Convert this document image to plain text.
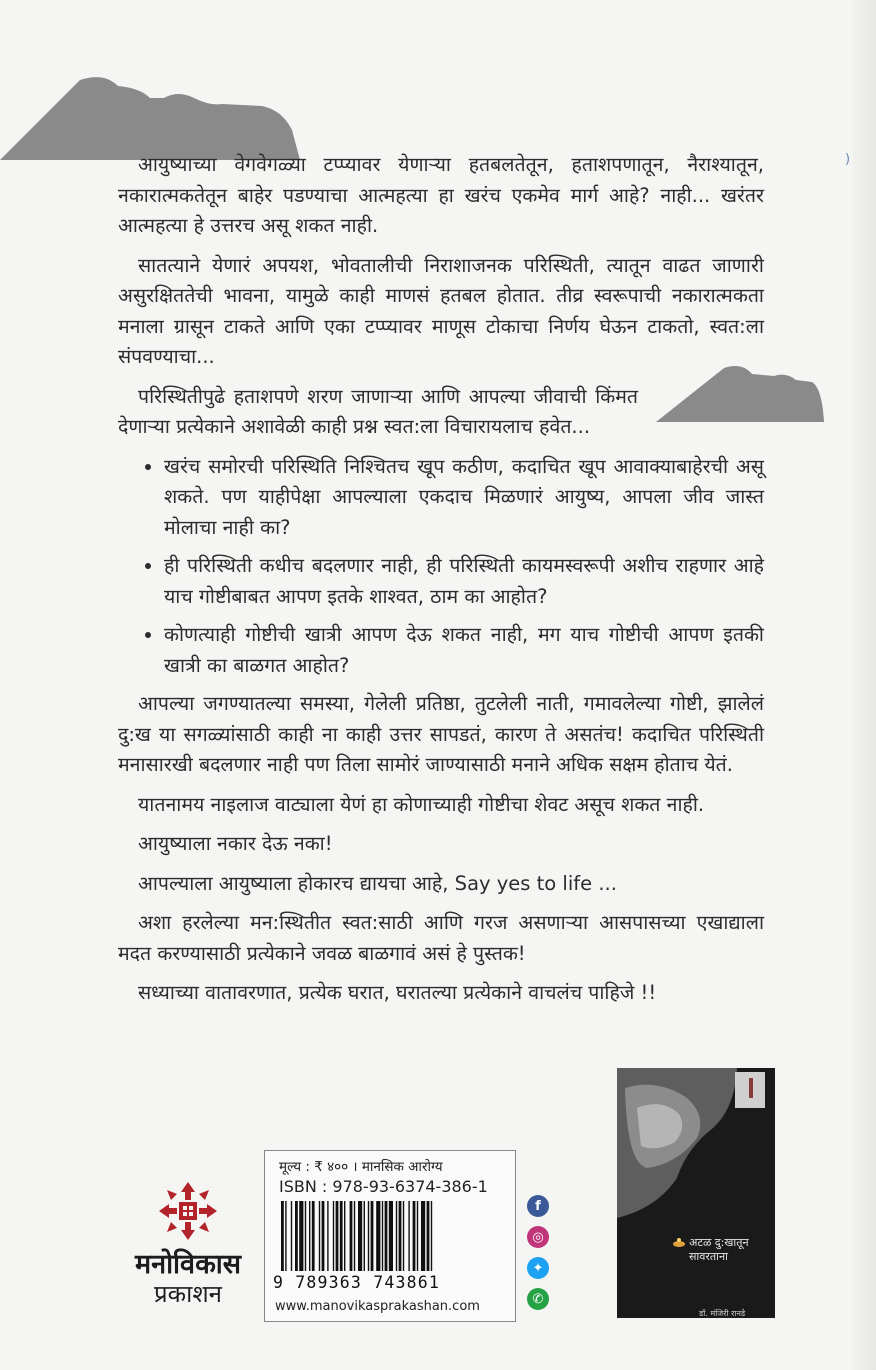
)

आयुष्याच्या वेगवेगळ्या टप्प्यावर येणाऱ्या हतबलतेतून, हताशपणातून, नैराश्यातून, नकारात्मकतेतून बाहेर पडण्याचा आत्महत्या हा खरंच एकमेव मार्ग आहे? नाही... खरंतर आत्महत्या हे उत्तरच असू शकत नाही.

सातत्याने येणारं अपयश, भोवतालीची निराशाजनक परिस्थिती, त्यातून वाढत जाणारी असुरक्षिततेची भावना, यामुळे काही माणसं हतबल होतात. तीव्र स्वरूपाची नकारात्मकता मनाला ग्रासून टाकते आणि एका टप्प्यावर माणूस टोकाचा निर्णय घेऊन टाकतो, स्वत:ला संपवण्याचा...

परिस्थितीपुढे हताशपणे शरण जाणाऱ्या आणि आपल्या जीवाची किंमत देणाऱ्या प्रत्येकाने अशावेळी काही प्रश्न स्वत:ला विचारायलाच हवेत...

• खरंच समोरची परिस्थिति निश्चितच खूप कठीण, कदाचित खूप आवाक्याबाहेरची असू शकते. पण याहीपेक्षा आपल्याला एकदाच मिळणारं आयुष्य, आपला जीव जास्त मोलाचा नाही का?
• ही परिस्थिती कधीच बदलणार नाही, ही परिस्थिती कायमस्वरूपी अशीच राहणार आहे याच गोष्टीबाबत आपण इतके शाश्वत, ठाम का आहोत?
• कोणत्याही गोष्टीची खात्री आपण देऊ शकत नाही, मग याच गोष्टीची आपण इतकी खात्री का बाळगत आहोत?

आपल्या जगण्यातल्या समस्या, गेलेली प्रतिष्ठा, तुटलेली नाती, गमावलेल्या गोष्टी, झालेलं दु:ख या सगळ्यांसाठी काही ना काही उत्तर सापडतं, कारण ते असतंच! कदाचित परिस्थिती मनासारखी बदलणार नाही पण तिला सामोरं जाण्यासाठी मनाने अधिक सक्षम होताच येतं.

यातनामय नाइलाज वाट्याला येणं हा कोणाच्याही गोष्टीचा शेवट असूच शकत नाही.

आयुष्याला नकार देऊ नका!

आपल्याला आयुष्याला होकारच द्यायचा आहे, Say yes to life ...

अशा हरलेल्या मन:स्थितीत स्वत:साठी आणि गरज असणाऱ्या आसपासच्या एखाद्याला मदत करण्यासाठी प्रत्येकाने जवळ बाळगावं असं हे पुस्तक!

सध्याच्या वातावरणात, प्रत्येक घरात, घरातल्या प्रत्येकाने वाचलंच पाहिजे !!

मनोविकास
प्रकाशन
मूल्य : ₹ ४०० । मानसिक आरोग्य
ISBN : 978-93-6374-386-1
9 789363 743861
www.manovikasprakashan.com
f
◎
✦
✆
अटळ दु:खातून सावरताना
डॉ. मंजिरी रानडे
